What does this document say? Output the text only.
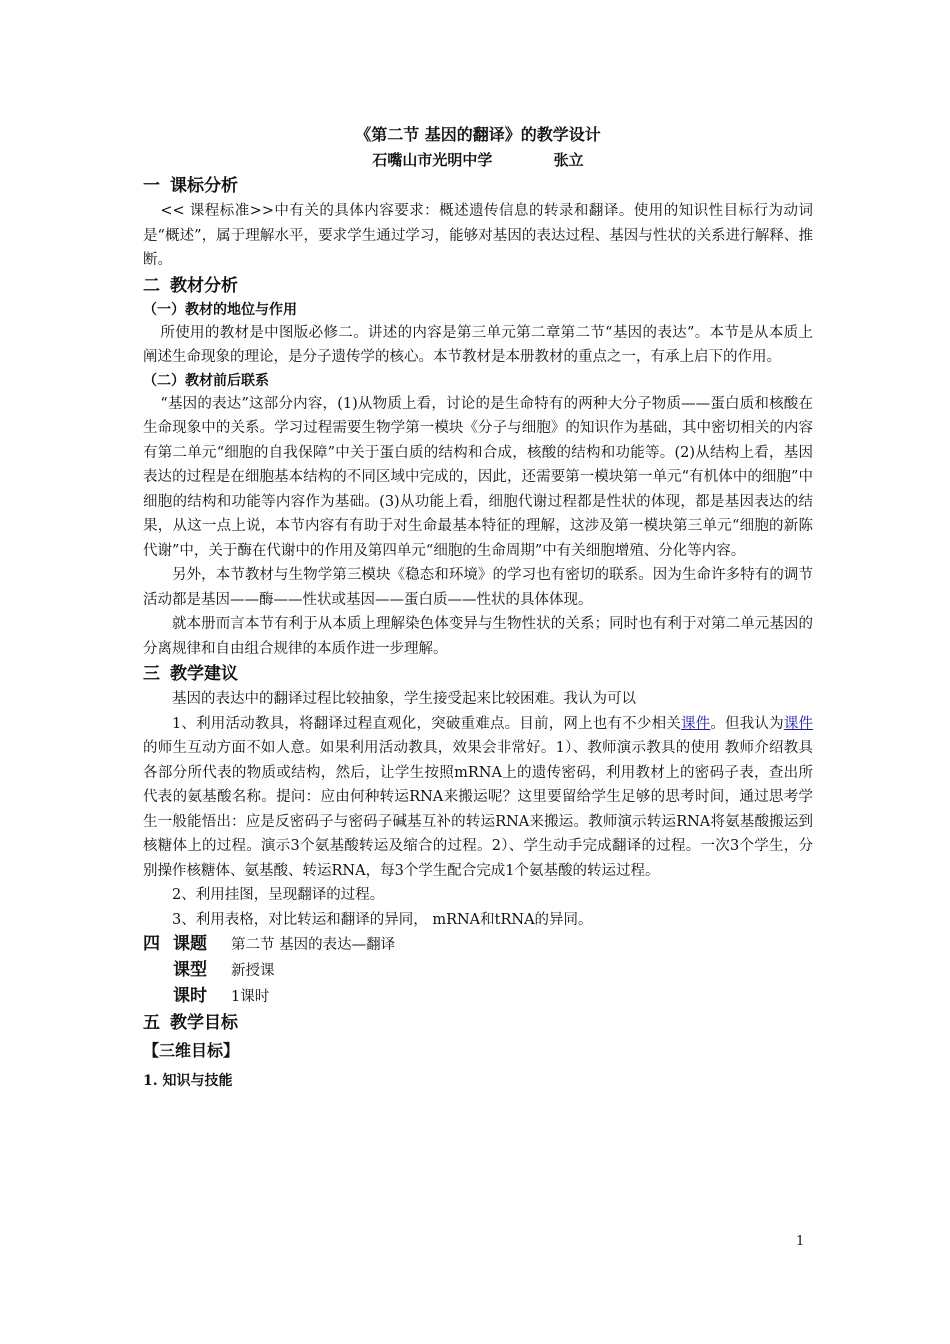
《第二节 基因的翻译》的教学设计
石嘴山市光明中学	张立
一 课标分析

<< 课程标准>>中有关的具体内容要求：概述遗传信息的转录和翻译。使用的知识性目标行为动词是“概述”，属于理解水平，要求学生通过学习，能够对基因的表达过程、基因与性状的关系进行解释、推断。

二 教材分析
（一）教材的地位与作用

所使用的教材是中图版必修二。讲述的内容是第三单元第二章第二节“基因的表达”。本节是从本质上阐述生命现象的理论，是分子遗传学的核心。本节教材是本册教材的重点之一，有承上启下的作用。

（二）教材前后联系

“基因的表达”这部分内容，(1)从物质上看，讨论的是生命特有的两种大分子物质——蛋白质和核酸在生命现象中的关系。学习过程需要生物学第一模块《分子与细胞》的知识作为基础，其中密切相关的内容有第二单元“细胞的自我保障”中关于蛋白质的结构和合成，核酸的结构和功能等。(2)从结构上看，基因表达的过程是在细胞基本结构的不同区域中完成的，因此，还需要第一模块第一单元“有机体中的细胞”中细胞的结构和功能等内容作为基础。(3)从功能上看，细胞代谢过程都是性状的体现，都是基因表达的结果，从这一点上说，本节内容有有助于对生命最基本特征的理解，这涉及第一模块第三单元“细胞的新陈代谢”中，关于酶在代谢中的作用及第四单元“细胞的生命周期”中有关细胞增殖、分化等内容。

另外，本节教材与生物学第三模块《稳态和环境》的学习也有密切的联系。因为生命许多特有的调节活动都是基因——酶——性状或基因——蛋白质——性状的具体体现。

就本册而言本节有利于从本质上理解染色体变异与生物性状的关系；同时也有利于对第二单元基因的分离规律和自由组合规律的本质作进一步理解。

三 教学建议

基因的表达中的翻译过程比较抽象，学生接受起来比较困难。我认为可以

1、利用活动教具，将翻译过程直观化，突破重难点。目前，网上也有不少相关课件。但我认为课件的师生互动方面不如人意。如果利用活动教具，效果会非常好。1）、教师演示教具的使用 教师介绍教具各部分所代表的物质或结构，然后，让学生按照mRNA上的遗传密码，利用教材上的密码子表，查出所代表的氨基酸名称。提问：应由何种转运RNA来搬运呢？这里要留给学生足够的思考时间，通过思考学生一般能悟出：应是反密码子与密码子碱基互补的转运RNA来搬运。教师演示转运RNA将氨基酸搬运到核糖体上的过程。演示3个氨基酸转运及缩合的过程。2）、学生动手完成翻译的过程。一次3个学生，分别操作核糖体、氨基酸、转运RNA，每3个学生配合完成1个氨基酸的转运过程。

2、利用挂图，呈现翻译的过程。

3、利用表格，对比转运和翻译的异同， mRNA和tRNA的异同。

四 课题 第二节 基因的表达—翻译
课型 新授课
课时 1课时
五 教学目标
【三维目标】
1. 知识与技能
1
